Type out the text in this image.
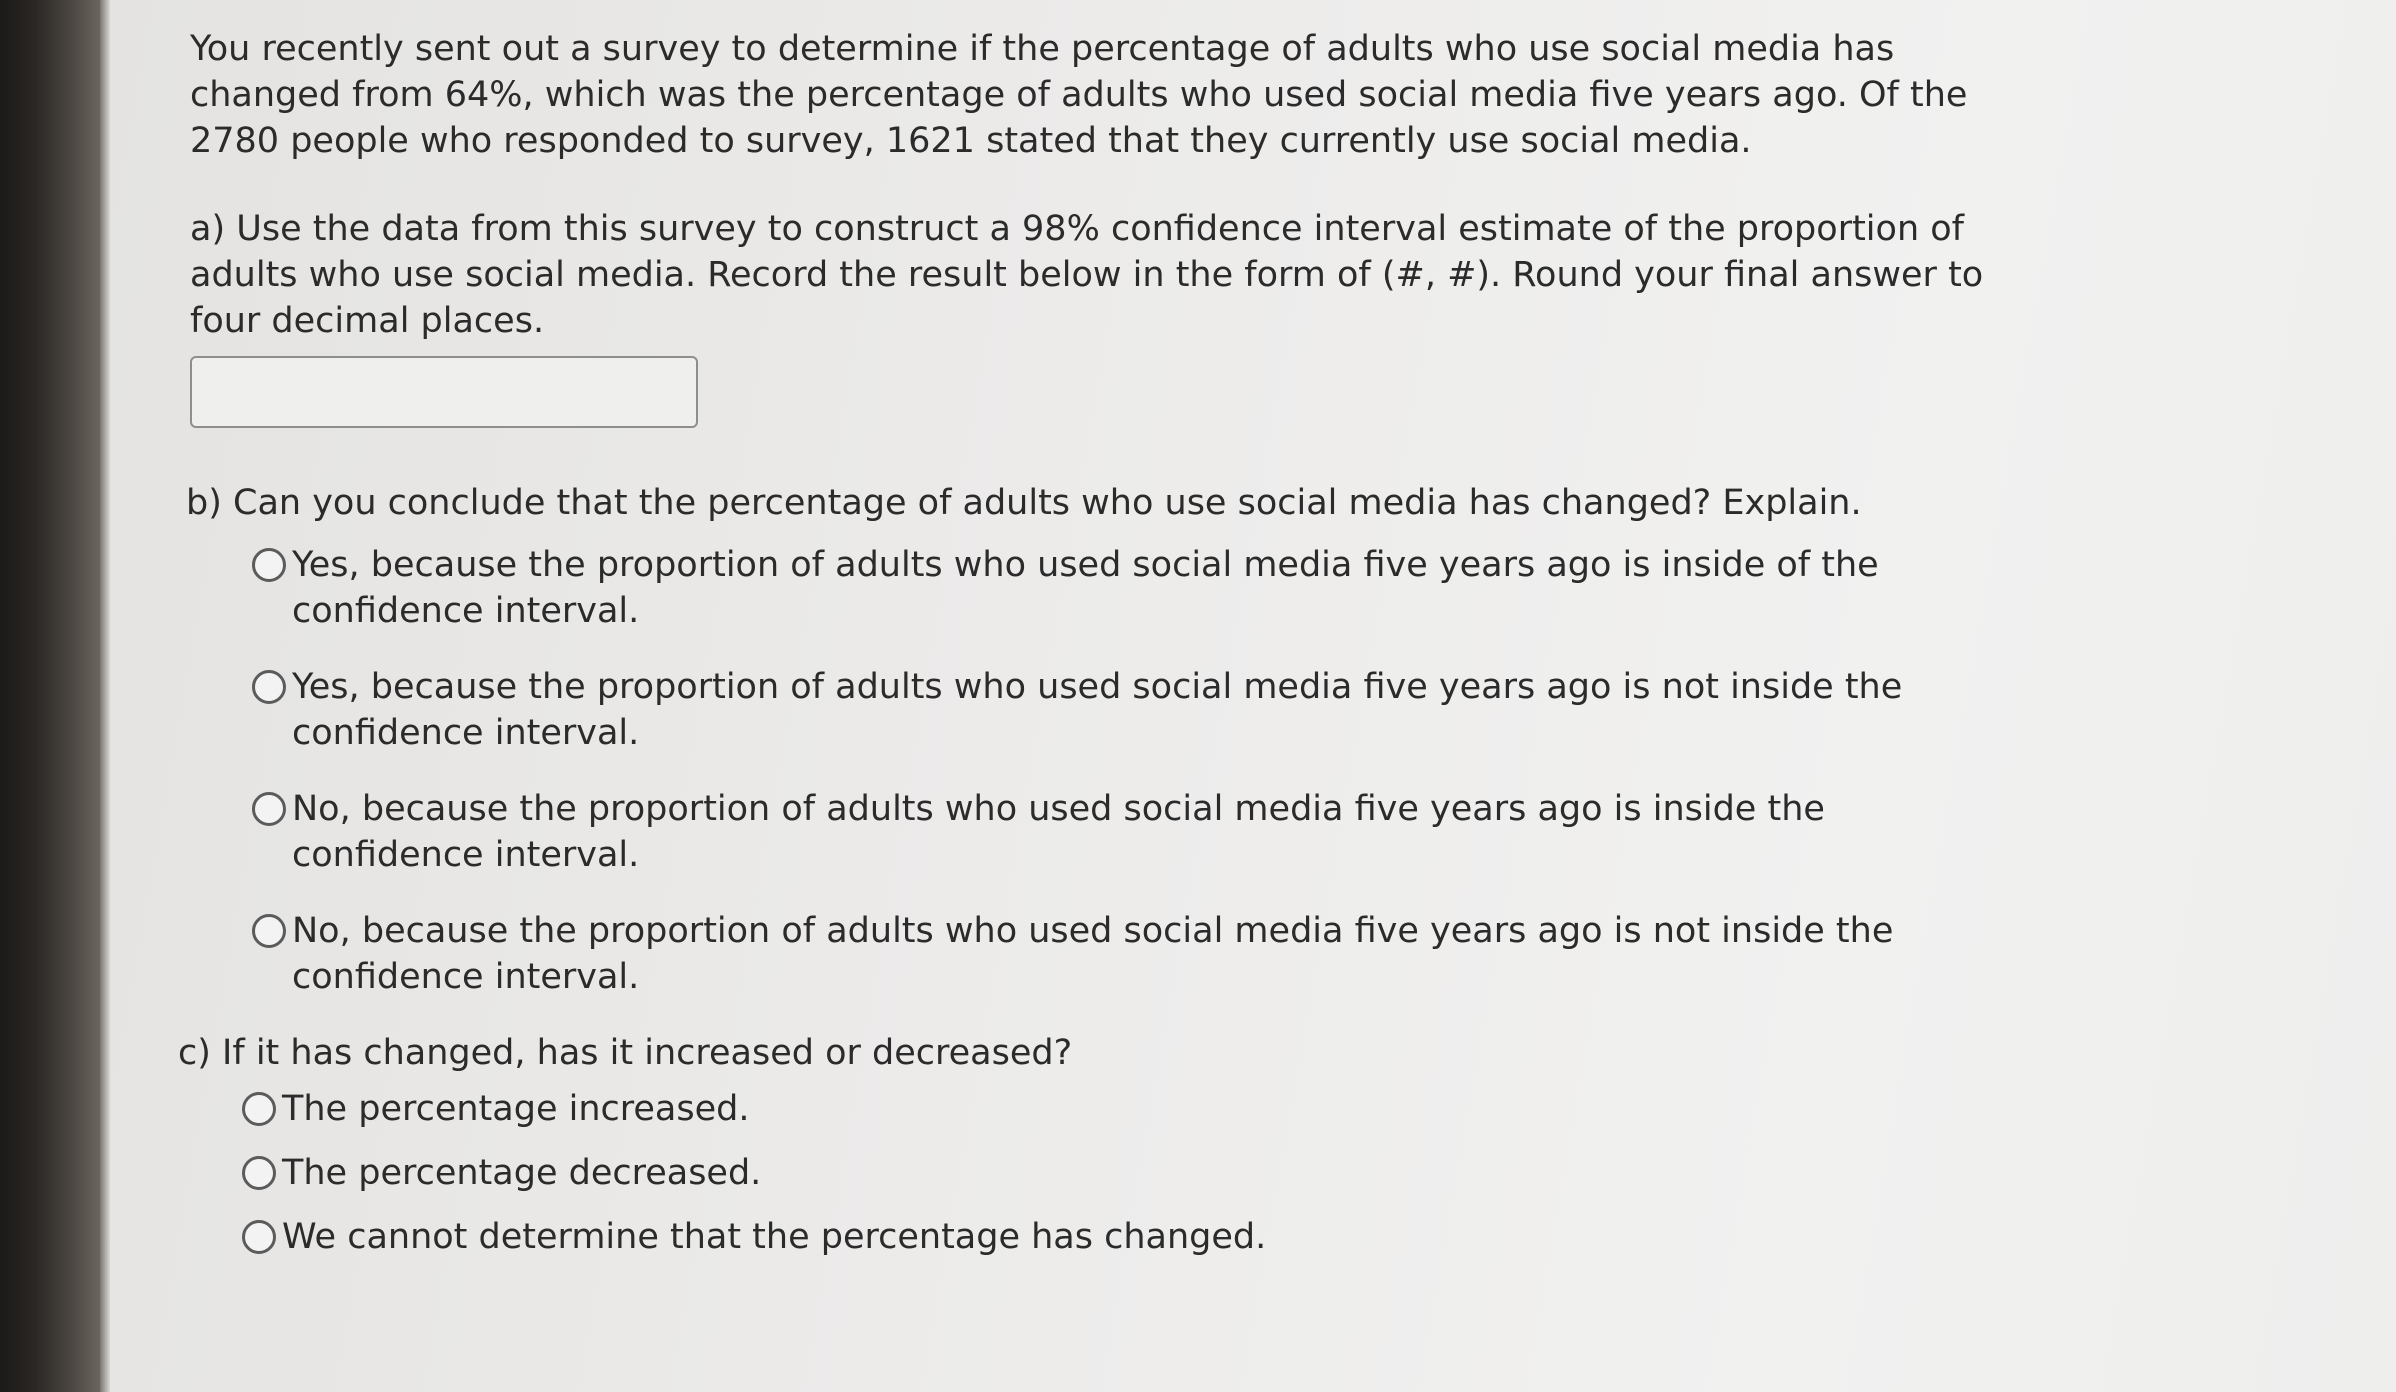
You recently sent out a survey to determine if the percentage of adults who use social media has changed from 64%, which was the percentage of adults who used social media five years ago. Of the 2780 people who responded to survey, 1621 stated that they currently use social media.

a) Use the data from this survey to construct a 98% confidence interval estimate of the proportion of adults who use social media. Record the result below in the form of (#, #). Round your final answer to four decimal places.

b) Can you conclude that the percentage of adults who use social media has changed? Explain.

Yes, because the proportion of adults who used social media five years ago is inside of the confidence interval.
Yes, because the proportion of adults who used social media five years ago is not inside the confidence interval.
No, because the proportion of adults who used social media five years ago is inside the confidence interval.
No, because the proportion of adults who used social media five years ago is not inside the confidence interval.

c) If it has changed, has it increased or decreased?

The percentage increased.
The percentage decreased.
We cannot determine that the percentage has changed.
